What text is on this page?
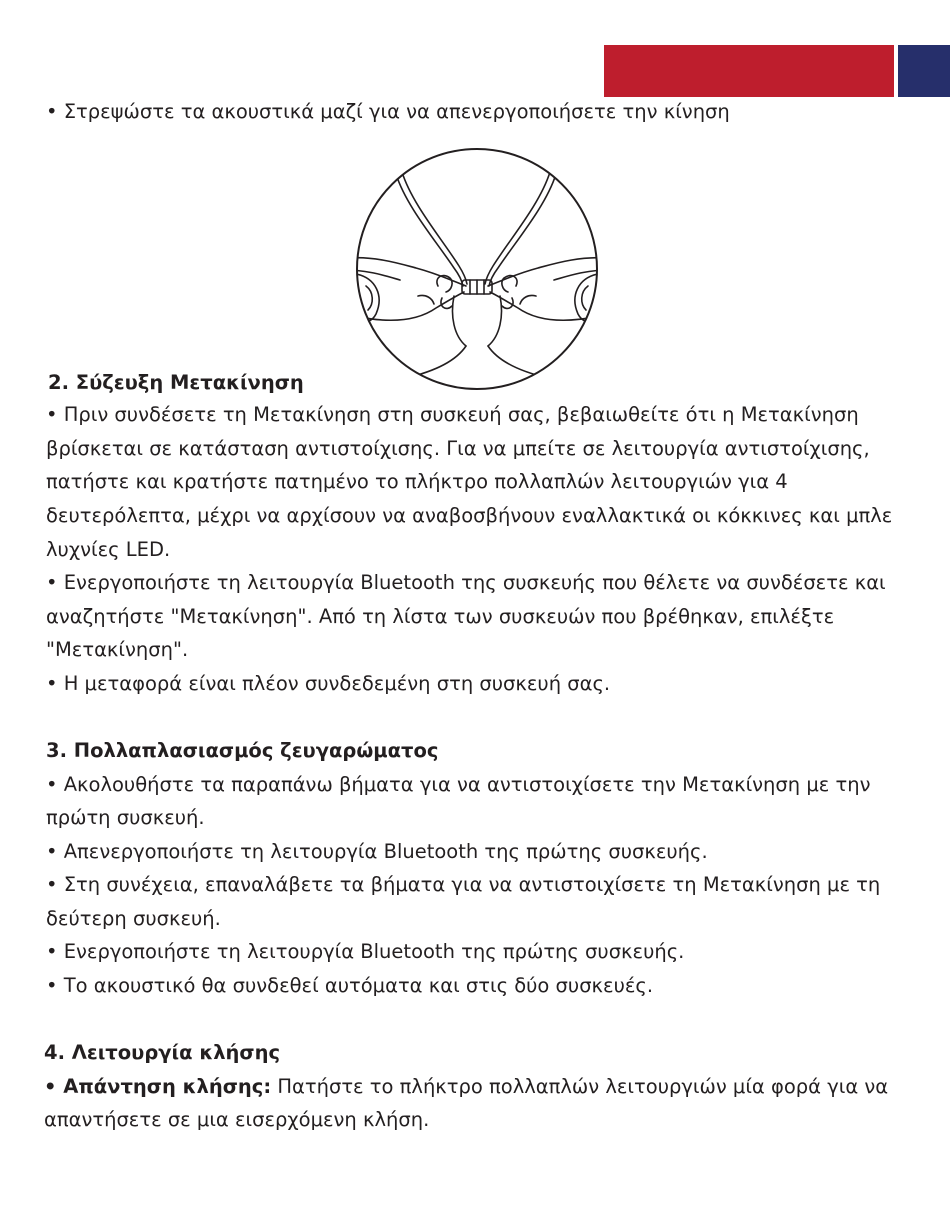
• Στρεψώστε τα ακουστικά μαζί για να απενεργοποιήσετε την κίνηση
2. Σύζευξη Μετακίνηση
• Πριν συνδέσετε τη Μετακίνηση στη συσκευή σας, βεβαιωθείτε ότι η Μετακίνηση
βρίσκεται σε κατάσταση αντιστοίχισης. Για να μπείτε σε λειτουργία αντιστοίχισης,
πατήστε και κρατήστε πατημένο το πλήκτρο πολλαπλών λειτουργιών για 4
δευτερόλεπτα, μέχρι να αρχίσουν να αναβοσβήνουν εναλλακτικά οι κόκκινες και μπλε
λυχνίες LED.
• Ενεργοποιήστε τη λειτουργία Bluetooth της συσκευής που θέλετε να συνδέσετε και
αναζητήστε "Μετακίνηση". Από τη λίστα των συσκευών που βρέθηκαν, επιλέξτε
"Μετακίνηση".
• Η μεταφορά είναι πλέον συνδεδεμένη στη συσκευή σας.
3. Πολλαπλασιασμός ζευγαρώματος
• Ακολουθήστε τα παραπάνω βήματα για να αντιστοιχίσετε την Μετακίνηση με την
πρώτη συσκευή.
• Απενεργοποιήστε τη λειτουργία Bluetooth της πρώτης συσκευής.
• Στη συνέχεια, επαναλάβετε τα βήματα για να αντιστοιχίσετε τη Μετακίνηση με τη
δεύτερη συσκευή.
• Ενεργοποιήστε τη λειτουργία Bluetooth της πρώτης συσκευής.
• Το ακουστικό θα συνδεθεί αυτόματα και στις δύο συσκευές.
4. Λειτουργία κλήσης
• Απάντηση κλήσης: Πατήστε το πλήκτρο πολλαπλών λειτουργιών μία φορά για να
απαντήσετε σε μια εισερχόμενη κλήση.
